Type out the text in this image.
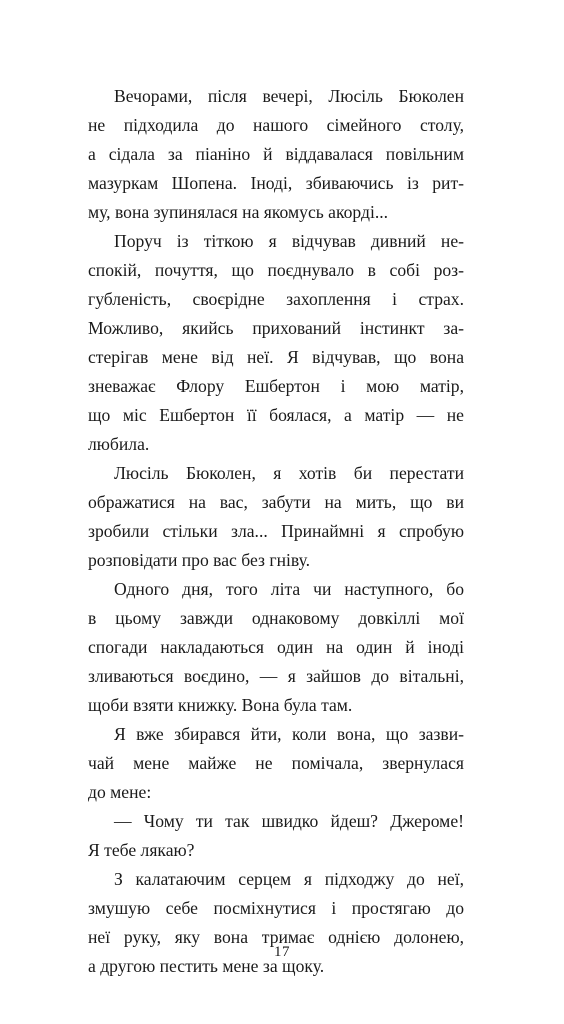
Вечорами, після вечері, Люсіль Бюколен
не підходила до нашого сімейного столу,
а сідала за піаніно й віддавалася повільним
мазуркам Шопена. Іноді, збиваючись із рит-
му, вона зупинялася на якомусь акорді...

Поруч із тіткою я відчував дивний не-
спокій, почуття, що поєднувало в собі роз-
губленість, своєрідне захоплення і страх.
Можливо, якийсь прихований інстинкт за-
стерігав мене від неї. Я відчував, що вона
зневажає Флору Ешбертон і мою матір,
що міс Ешбертон її боялася, а матір — не
любила.

Люсіль Бюколен, я хотів би перестати
ображатися на вас, забути на мить, що ви
зробили стільки зла... Принаймні я спробую
розповідати про вас без гніву.

Одного дня, того літа чи наступного, бо
в цьому завжди однаковому довкіллі мої
спогади накладаються один на один й іноді
зливаються воєдино, — я зайшов до вітальні,
щоби взяти книжку. Вона була там.

Я вже збирався йти, коли вона, що зазви-
чай мене майже не помічала, звернулася
до мене:

— Чому ти так швидко йдеш? Джероме!
Я тебе лякаю?

З калатаючим серцем я підходжу до неї,
змушую себе посміхнутися і простягаю до
неї руку, яку вона тримає однією долонею,
а другою пестить мене за щоку.

17
